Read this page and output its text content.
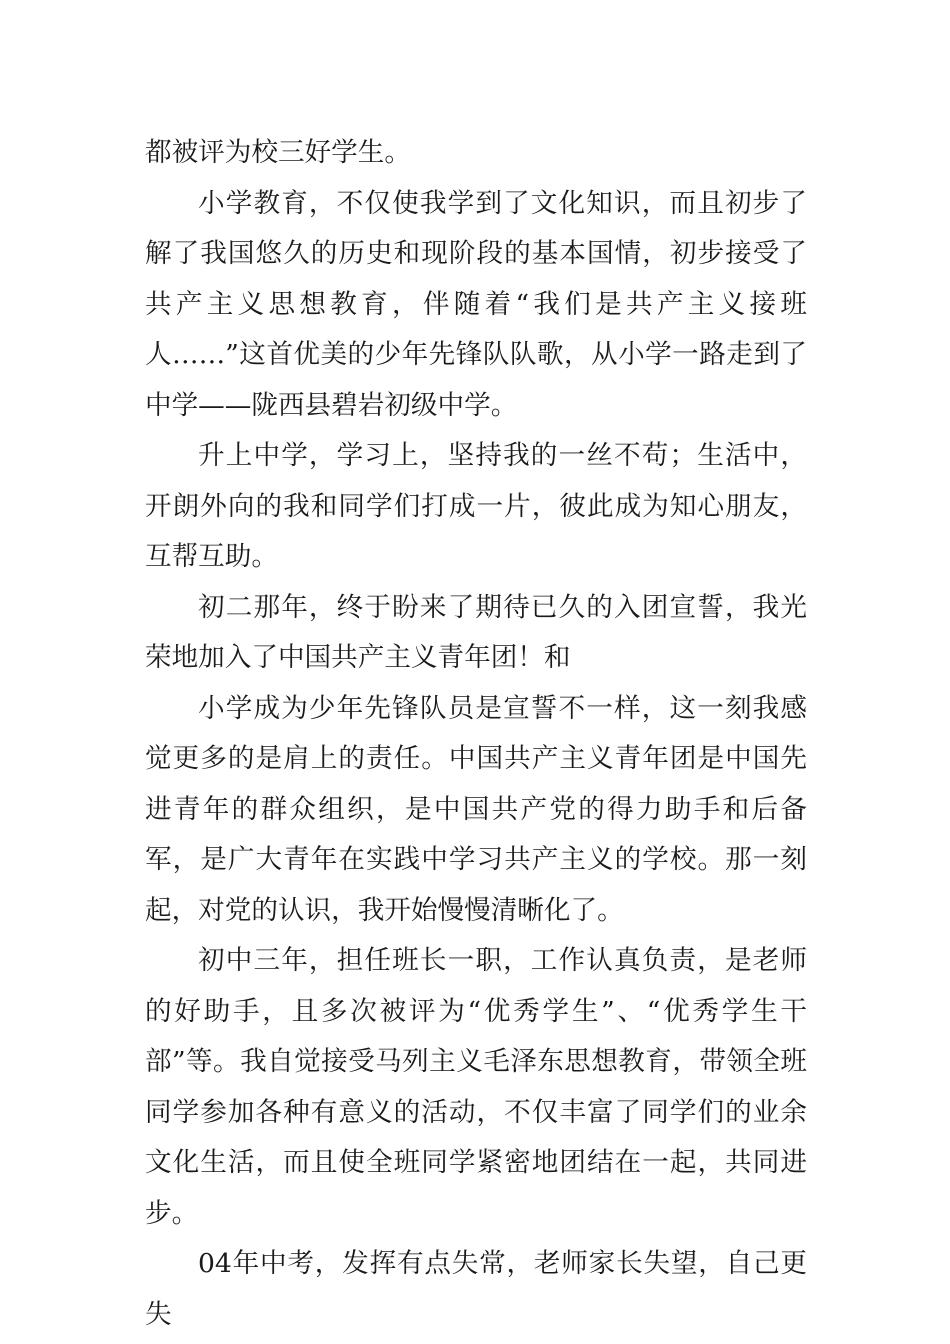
都被评为校三好学生。

小学教育，不仅使我学到了文化知识，而且初步了解了我国悠久的历史和现阶段的基本国情，初步接受了共产主义思想教育，伴随着“我们是共产主义接班人……”这首优美的少年先锋队队歌，从小学一路走到了中学——陇西县碧岩初级中学。

升上中学，学习上，坚持我的一丝不苟；生活中，开朗外向的我和同学们打成一片，彼此成为知心朋友，互帮互助。

初二那年，终于盼来了期待已久的入团宣誓，我光荣地加入了中国共产主义青年团！和

小学成为少年先锋队员是宣誓不一样，这一刻我感觉更多的是肩上的责任。中国共产主义青年团是中国先进青年的群众组织，是中国共产党的得力助手和后备军，是广大青年在实践中学习共产主义的学校。那一刻起，对党的认识，我开始慢慢清晰化了。

初中三年，担任班长一职，工作认真负责，是老师的好助手，且多次被评为“优秀学生”、“优秀学生干部”等。我自觉接受马列主义毛泽东思想教育，带领全班同学参加各种有意义的活动，不仅丰富了同学们的业余文化生活，而且使全班同学紧密地团结在一起，共同进步。

04年中考，发挥有点失常，老师家长失望，自己更失
